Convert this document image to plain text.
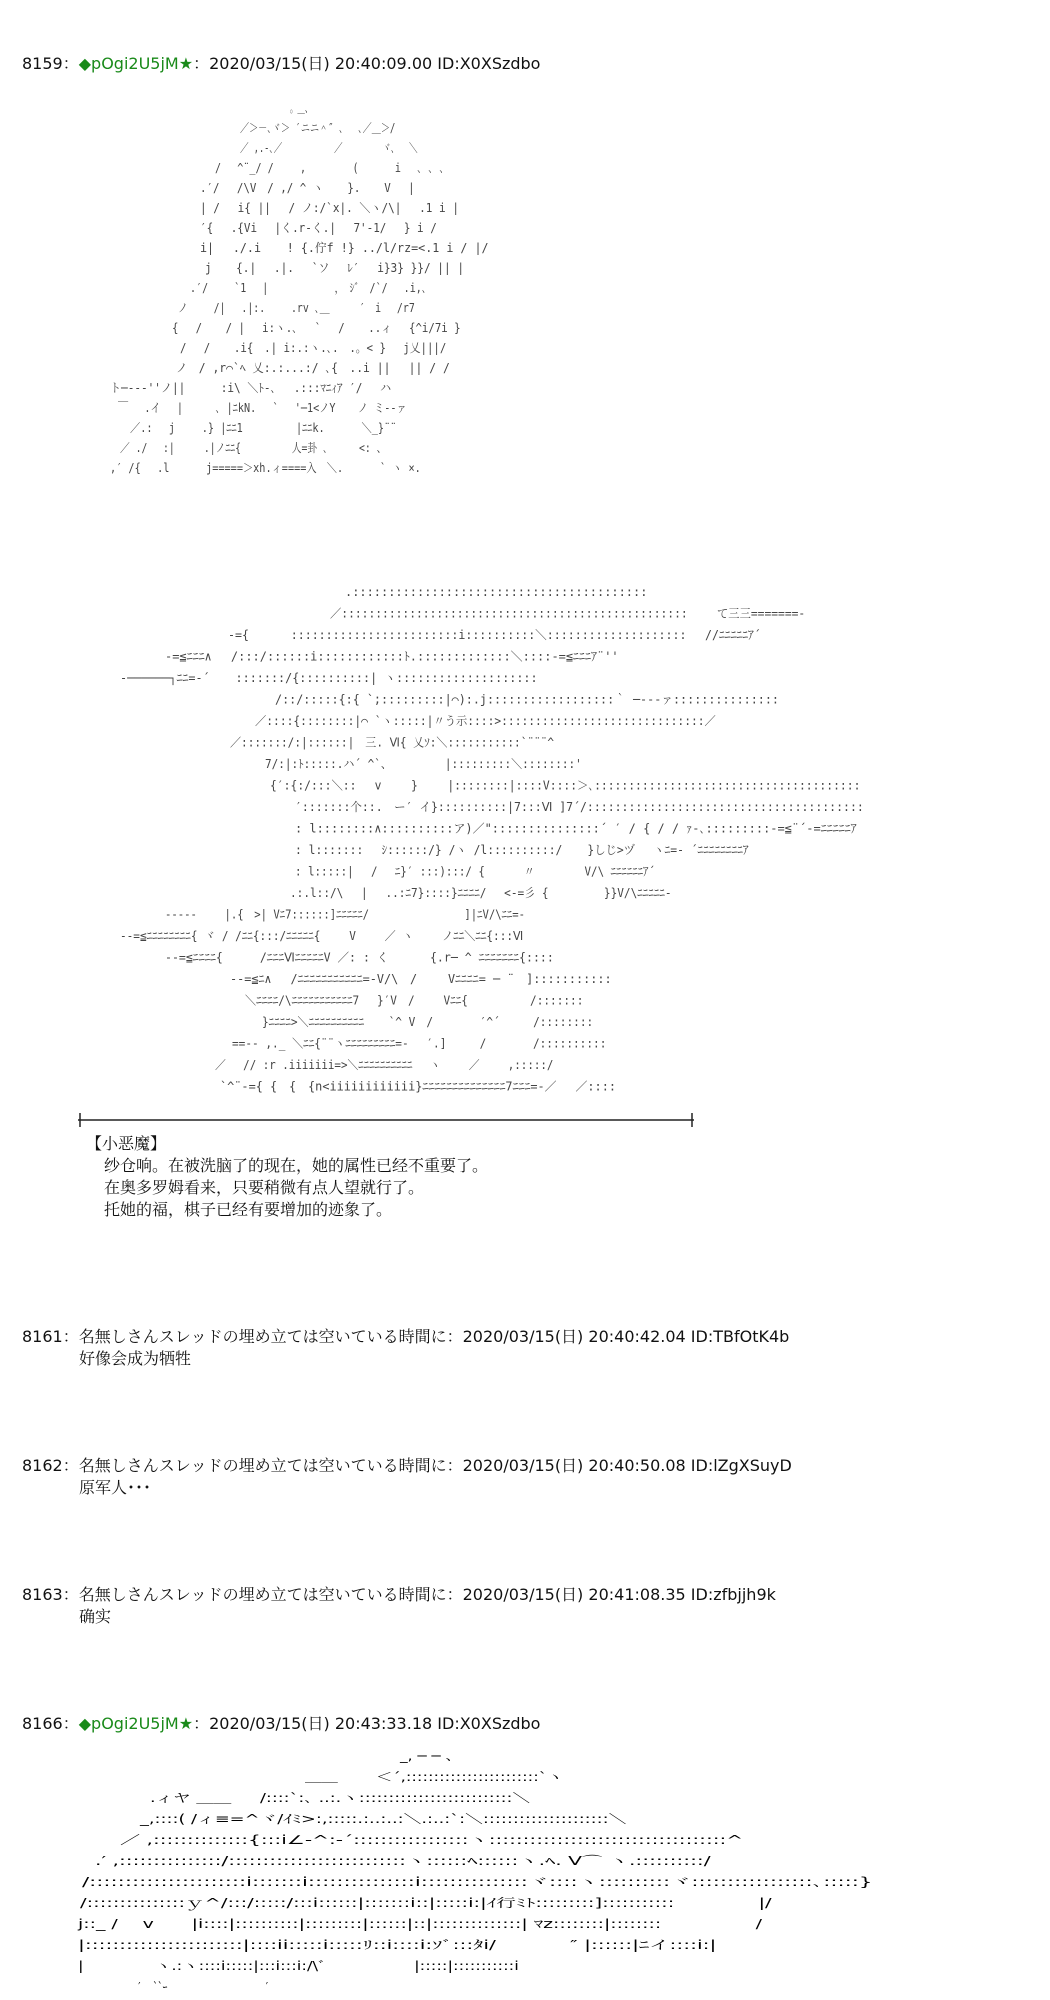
8159：◆pOgi2U5jM★：2020/03/15(日) 20:40:09.00 ID:X0XSzdbo
。＿、
／＞－､ヾ＞ ′ニニ＾″ ､　 ､／＿＞/
／ ,.-､／　　　　　　／　 　　　ヾ､　 ＼
/ 　^¨_/ /　　 ,　　　　 ( 　　　i　 ､ ､ ､
.′/ 　/\V　/ ,/ ^ ヽ 　 }. 　 V 　|
| / 　i{ || 　/ ノ:/`x|. ＼ヽ/\|　 .1 i |
′{ 　.{Vi 　|く.r-く.|　 7'‐1/　 } i /
i| 　./.i 　 ! {.佇f !} ../l/rz=<.1 i / |/
j 　 {.| 　.|. 　`ソ　 ﾚ′ 　i}3} }}/ || |
.′/ 　　`1 　|　　　　　　 ，　ｼﾞ　/`/ 　.i,､
ノ 　　/| 　.|:. 　　.rv ､＿　　　′　i 　/r7
{ 　/ 　 / |　 i:ヽ.､　 ` 　/ 　 ..ィ　 {^i/7i }
/ 　/ 　 .i{　.| i:.:ヽ.､.　.。< }　 j乂|||/
ノ　/ ,r⌒`ﾍ 乂:.:...:/ ､{　..i ||　 || / /
ト─‐-‐''ノ|| 　　 :i\ ＼ﾄ-､ 　.:::ﾏﾆｨｱ ′/　 ハ
￣ 　.イ　 | 　　 ､ |ﾆkN. 　` 　'─1<ノY 　 ノ ミ--ァ
／.:　 j　　 .} |ﾆﾆ1 　　　　 |ﾆﾆk.　　　 ＼_}¨¨
／ ./ 　:|　　　.|ノﾆﾆ{ 　　　　 人=卦 ､ 　　 <: 、
,′ /{　 .l 　　　j=====＞xh.ィ====入　＼.　　　 ` ヽ ×.
.:::::::::::::::::::::::::::::::::::::::::
／:::::::::::::::::::::::::::::::::::::::::::::::::::　　 て三三=======-
-={　　　 ::::::::::::::::::::::::i::::::::::＼::::::::::::::::::::　 //ﾆﾆﾆﾆﾆｱ´
-=≦ﾆﾆﾆ∧ 　/:::/::::::i::::::::::::ﾄ.:::::::::::::＼::::-=≦ﾆﾆﾆｱ¨''
‐──────┐ﾆﾆ=-´ 　 :::::::/{::::::::::| ヽ::::::::::::::::::::
/::/:::::{:{ `;:::::::::|⌒):.j::::::::::::::::::｀ ─‐‐‐ァ:::::::::::::::
／::::{::::::::|⌒ `ヽ:::::|〃う示::::>::::::::::::::::::::::::::::::／
／:::::::/:|::::::|　三. Ⅵ{ 乂ｿ:＼:::::::::::`¨¨¨^
7/:|:ﾄ:::::.ハ´ ^`、 　 　 　|:::::::::＼::::::::'
{′:{:/:::＼::　 v 　　}　　 |::::::::|::::V::::＞､:::::::::::::::::::::::::::::::::::::::
′:::::::个::.　ー′ イ}::::::::::|7:::Ⅵ ]7´/::::::::::::::::::::::::::::::::::::::::
: l::::::::∧::::::::::ア)／":::::::::::::::´ ′ / { / / ｧ-､:::::::::-=≦¨´-=ﾆﾆﾆﾆﾆｱ
: l:::::::　 ｼ::::::/} /ヽ /l::::::::::/ 　 }しじ>ヅ　 ヽﾆ=- ´ﾆﾆﾆﾆﾆﾆﾆﾆｱ
: l:::::|　 /　 ﾆ}′ :::):::/ {　　　 〃　　　　 V/\ ﾆﾆﾆﾆﾆﾆｱ´
.:.l::/\ 　|　 ..:ﾆ7}::::}ﾆﾆﾆﾆ/ 　<-=彡 {　　　　　}}V/\ﾆﾆﾆﾆﾆ-
-----　　 |.{　>| Vﾆ7::::::]ﾆﾆﾆﾆﾆ/　　　　　　　　　]|ﾆV/\ﾆﾆ=-
--=≦ﾆﾆﾆﾆﾆﾆﾆﾆ{ ヾ / /ﾆﾆ{:::/ﾆﾆﾆﾆﾆ{ 　　V　　 ／ ヽ 　　ノﾆﾆ＼ﾆﾆ{:::Ⅵ
--=≦ﾆﾆﾆﾆ{ 　　 /ﾆﾆﾆⅥﾆﾆﾆﾆﾆV ／: : く　　　 {.r─ ^ ﾆﾆﾆﾆﾆﾆﾆ{::::
--=≦ﾆ∧ 　/ﾆﾆﾆﾆﾆﾆﾆﾆﾆﾆﾆ=-V/\　/ 　　Vﾆﾆﾆﾆ= ─ ¨　]:::::::::::
＼ﾆﾆﾆﾆ/\ﾆﾆﾆﾆﾆﾆﾆﾆﾆﾆﾆ7 　}′V　/　 　Vﾆﾆ{ 　　　　　/:::::::
}ﾆﾆﾆﾆ>＼ﾆﾆﾆﾆﾆﾆﾆﾆﾆﾆ 　 `^ V　/ 　　　 ′^´　　　/::::::::
==-- ,._ ＼ﾆﾆ{¨¨ヽﾆﾆﾆﾆﾆﾆﾆﾆﾆ=- 　′.]　　　/ 　　　 /::::::::::
／ 　// :r .iiiiiii=>＼ﾆﾆﾆﾆﾆﾆﾆﾆﾆﾆ 　ヽ　　 ／　　 ,:::::/
`^¨-={ {　{　{n<iiiiiiiiiiii}ﾆﾆﾆﾆﾆﾆﾆﾆﾆﾆﾆﾆﾆﾆ7ﾆﾆﾆ=-／　 ／::::
【小恶魔】
纱仓响。在被洗脑了的现在，她的属性已经不重要了。
在奥多罗姆看来，只要稍微有点人望就行了。
托她的福，棋子已经有要增加的迹象了。
8161：名無しさんスレッドの埋め立ては空いている時間に：2020/03/15(日) 20:40:42.04 ID:TBfOtK4b
好像会成为牺牲
8162：名無しさんスレッドの埋め立ては空いている時間に：2020/03/15(日) 20:40:50.08 ID:lZgXSuyD
原军人･･･
8163：名無しさんスレッドの埋め立ては空いている時間に：2020/03/15(日) 20:41:08.35 ID:zfbjjh9k
确实
8166：◆pOgi2U5jM★：2020/03/15(日) 20:43:33.18 ID:X0XSzdbo
_, ─ ─ 、
＿＿　　 ＜´,::::::::::::::::::::::::`ヽ
.ィヤ ＿＿ 　 /::::`:､ ..:.ヽ::::::::::::::::::::::::::＼
_,::::( /ィ≡=^ヾ/ｲﾐ>:,:::::.:..:..:＼.:..:`:＼:::::::::::::::::::::＼
／ ,::::::::::::::{:::i∠-^:-´:::::::::::::::::ヽ:::::::::::::::::::::::::::::::::::^
.′ ,:::::::::::::::/::::::::::::::::::::::::::ヽ::::::ﾍ::::::ヽ.ﾍ. V⌒ ヽ.::::::::::/
/::::::::::::::::::::::i:::::::i:::::::::::::::i:::::::::::::::ヾ::::ヽ::::::::::ヾ:::::::::::::::::､:::::}
/:::::::::::::::ｙ^/:::/:::::/:::i::::::|:::::::i::|:::::i:|ｲ行ﾐﾄ:::::::::]:::::::::::　　　　 |/
j::_ /　 v　　|i::::|::::::::::|:::::::::|::::::|::|::::::::::::::| ﾏz::::::::|::::::::　　　　　/
|:::::::::::::::::::::::|::::ii:::::i:::::ﾘ::i::::i:ｿﾞ:::ﾀi/ 　　　 ″ |::::::|ﾆイ::::i:|
|　　　　 ヽ.:ヽ::::i:::::|:::i:::i:/\ﾞ 　　　　　|:::::|:::::::::::i
　　　　　　 ′　 ``ｰ　　　　　　　　　　 ′
